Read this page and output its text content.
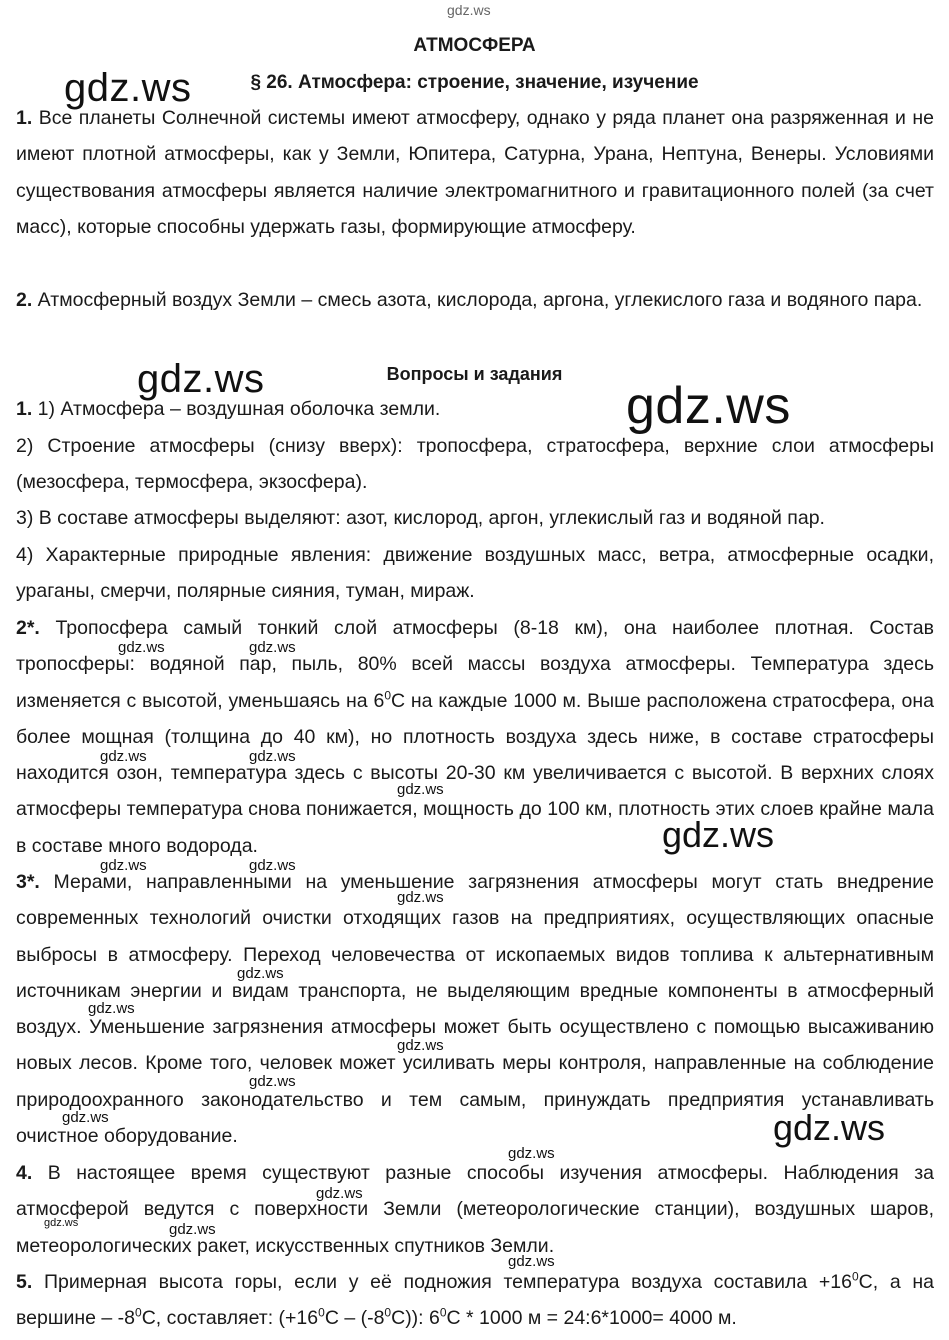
gdz.ws
АТМОСФЕРА
§ 26. Атмосфера: строение, значение, изучение

1. Все планеты Солнечной системы имеют атмосферу, однако у ряда планет она разряженная и не имеют плотной атмосферы, как у Земли, Юпитера, Сатурна, Урана, Нептуна, Венеры. Условиями существования атмосферы является наличие электромагнитного и гравитационного полей (за счет масс), которые способны удержать газы, формирующие атмосферу.

2. Атмосферный воздух Земли – смесь азота, кислорода, аргона, углекислого газа и водяного пара.

Вопросы и задания

1. 1) Атмосфера – воздушная оболочка земли.

2) Строение атмосферы (снизу вверх): тропосфера, стратосфера, верхние слои атмосферы (мезосфера, термосфера, экзосфера).

3) В составе атмосферы выделяют: азот, кислород, аргон, углекислый газ и водяной пар.

4) Характерные природные явления: движение воздушных масс, ветра, атмосферные осадки, ураганы, смерчи, полярные сияния, туман, мираж.

2*. Тропосфера самый тонкий слой атмосферы (8-18 км), она наиболее плотная. Состав тропосферы: водяной пар, пыль, 80% всей массы воздуха атмосферы. Температура здесь изменяется с высотой, уменьшаясь на $6^0С$ на каждые 1000 м. Выше расположена стратосфера, она более мощная (толщина до 40 км), но плотность воздуха здесь ниже, в составе стратосферы находится озон, температура здесь с высоты 20-30 км увеличивается с высотой. В верхних слоях атмосферы температура снова понижается, мощность до 100 км, плотность этих слоев крайне мала в составе много водорода.

3*. Мерами, направленными на уменьшение загрязнения атмосферы могут стать внедрение современных технологий очистки отходящих газов на предприятиях, осуществляющих опасные выбросы в атмосферу. Переход человечества от ископаемых видов топлива к альтернативным источникам энергии и видам транспорта, не выделяющим вредные компоненты в атмосферный воздух. Уменьшение загрязнения атмосферы может быть осуществлено с помощью высаживанию новых лесов. Кроме того, человек может усиливать меры контроля, направленные на соблюдение природоохранного законодательство и тем самым, принуждать предприятия устанавливать очистное оборудование.

4. В настоящее время существуют разные способы изучения атмосферы. Наблюдения за атмосферой ведутся с поверхности Земли (метеорологические станции), воздушных шаров, метеорологических ракет, искусственных спутников Земли.

5. Примерная высота горы, если у её подножия температура воздуха составила $+16^0С$, а на вершине – $-8^0С$, составляет: $(+16^0С - (-8^0С))$: $6^0С * 1000$ м = 24:6*1000= 4000 м.

gdz.ws
gdz.ws	gdz.ws
gdz.ws
gdz.ws
gdz.ws	gdz.ws
gdz.ws	gdz.ws
gdz.ws
gdz.ws	gdz.ws
gdz.ws
gdz.ws
gdz.ws
gdz.ws
gdz.ws
gdz.ws
gdz.ws
gdz.ws
gdz.ws
gdz.ws
gdz.ws
